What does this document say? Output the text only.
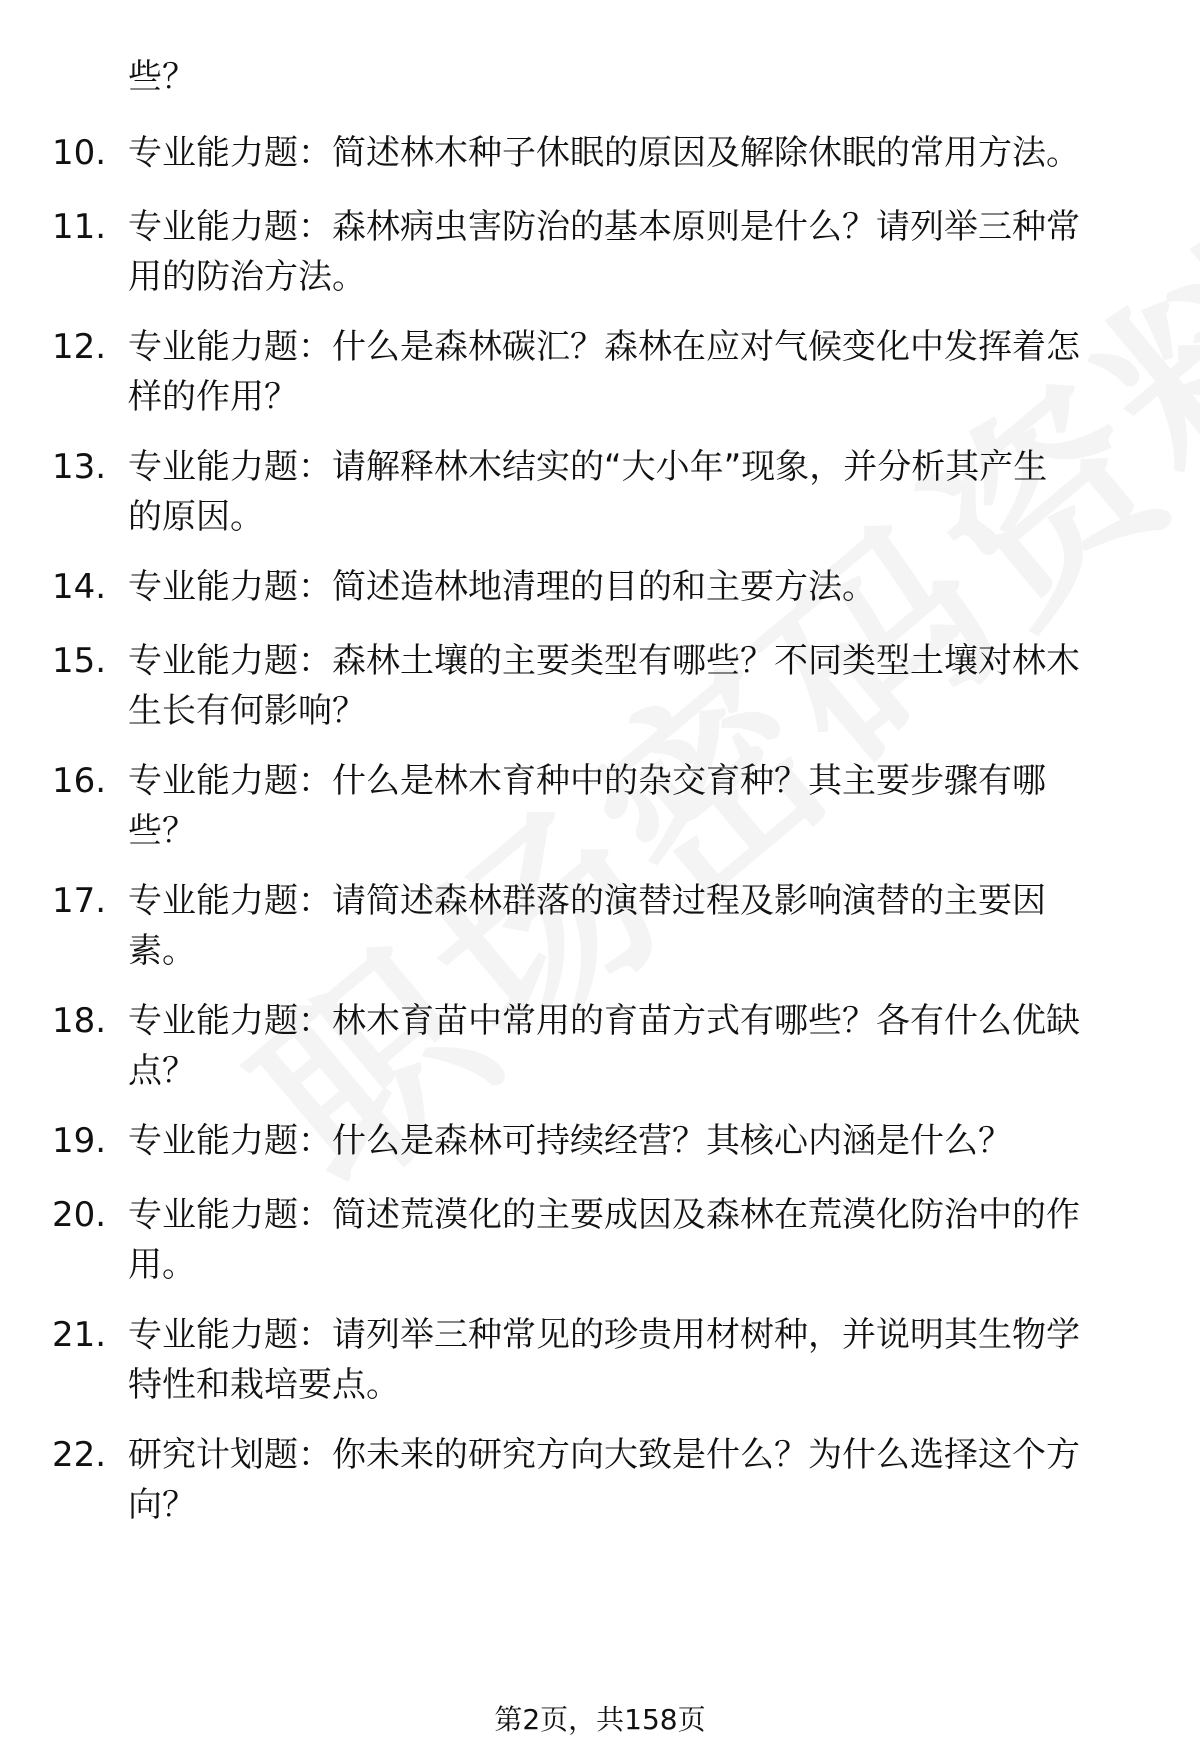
些？
10. 专业能力题：简述林木种子休眠的原因及解除休眠的常用方法。
11. 专业能力题：森林病虫害防治的基本原则是什么？请列举三种常
用的防治方法。
12. 专业能力题：什么是森林碳汇？森林在应对气候变化中发挥着怎
样的作用？
13. 专业能力题：请解释林木结实的“大小年”现象，并分析其产生
的原因。
14. 专业能力题：简述造林地清理的目的和主要方法。
15. 专业能力题：森林土壤的主要类型有哪些？不同类型土壤对林木
生长有何影响？
16. 专业能力题：什么是林木育种中的杂交育种？其主要步骤有哪
些？
17. 专业能力题：请简述森林群落的演替过程及影响演替的主要因
素。
18. 专业能力题：林木育苗中常用的育苗方式有哪些？各有什么优缺
点？
19. 专业能力题：什么是森林可持续经营？其核心内涵是什么？
20. 专业能力题：简述荒漠化的主要成因及森林在荒漠化防治中的作
用。
21. 专业能力题：请列举三种常见的珍贵用材树种，并说明其生物学
特性和栽培要点。
22. 研究计划题：你未来的研究方向大致是什么？为什么选择这个方
向？
第2页，共158页
